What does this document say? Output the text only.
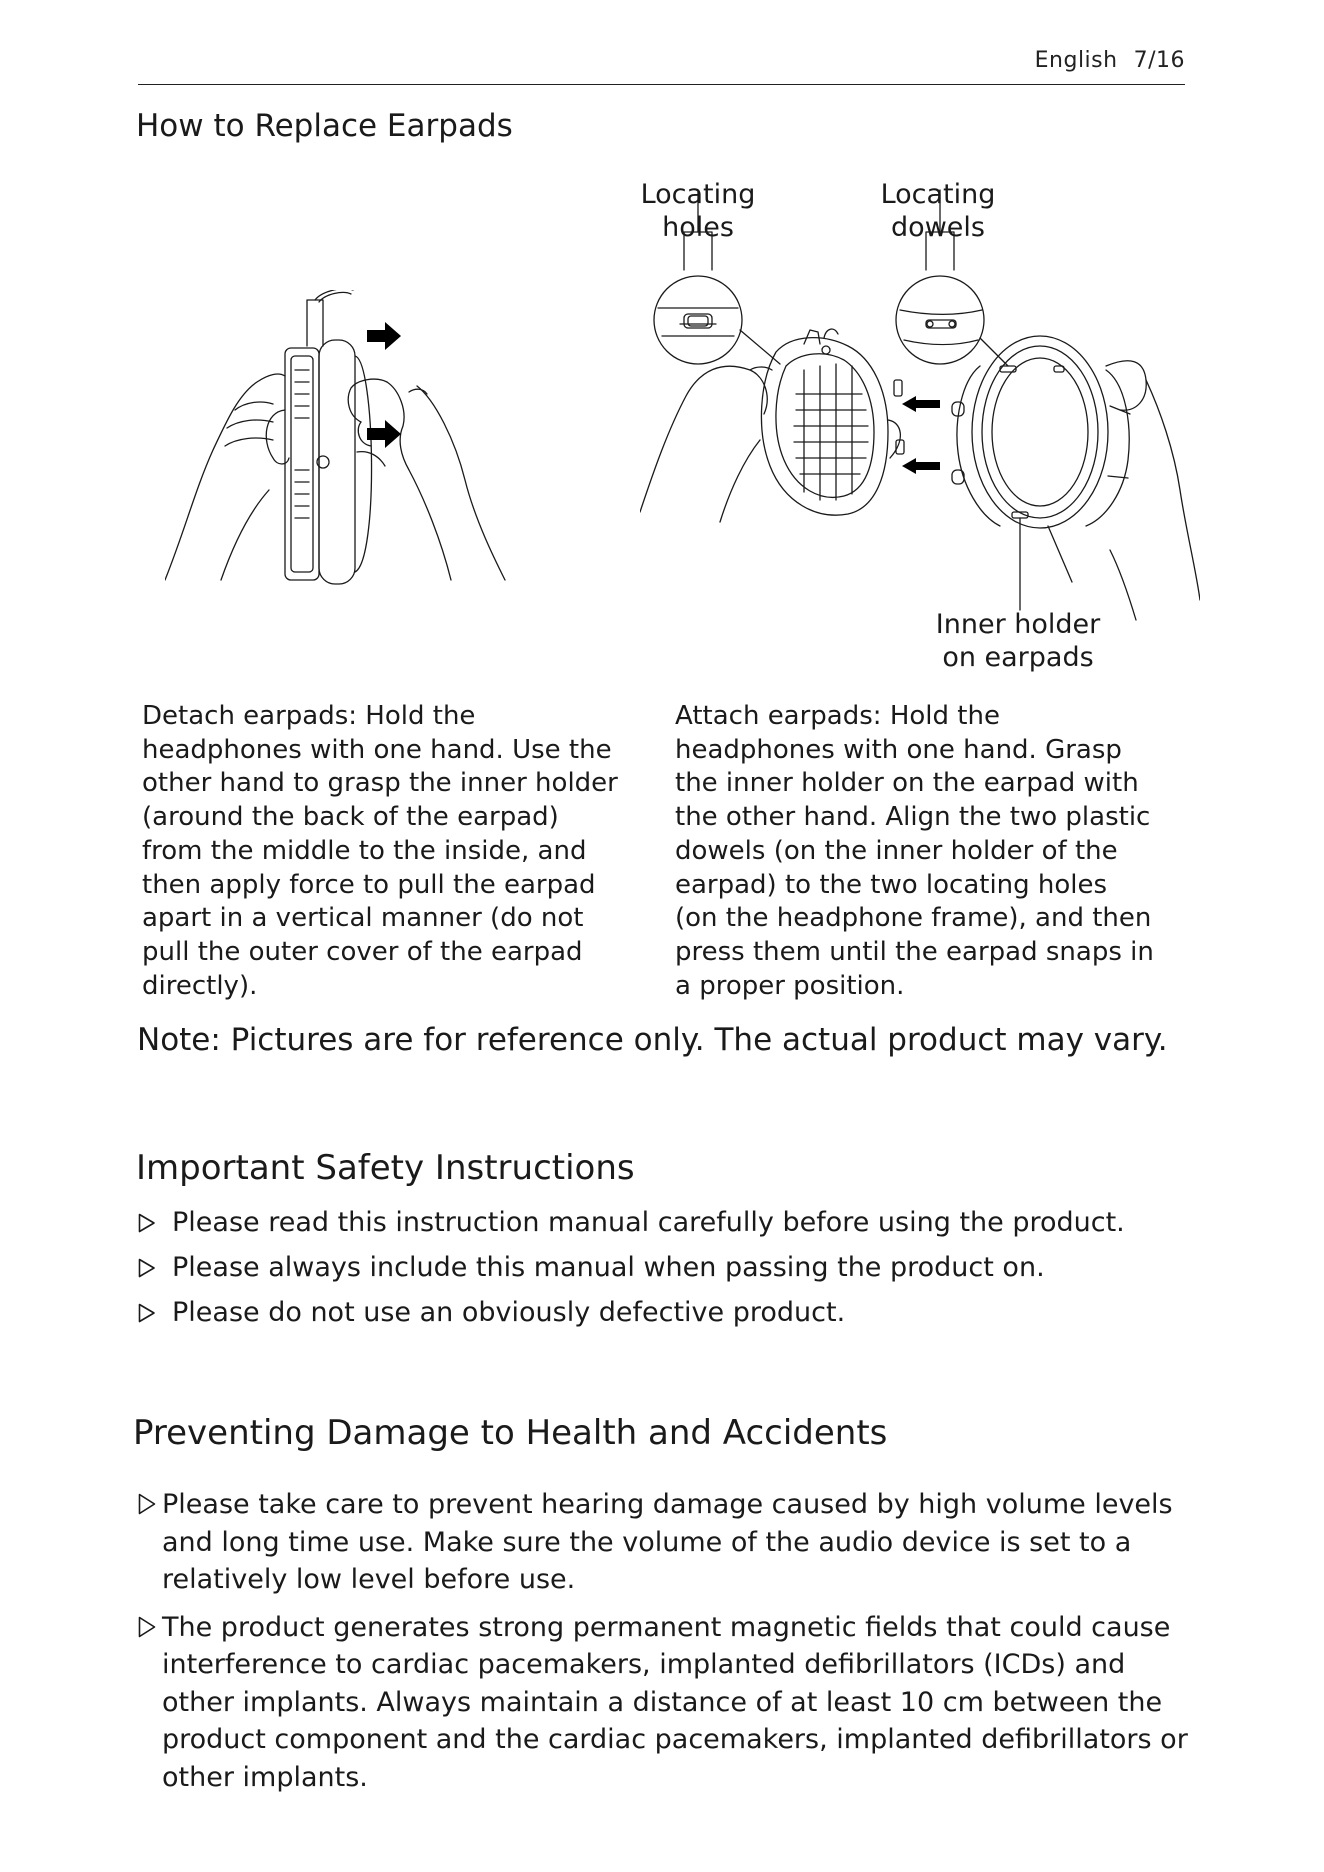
English 7/16
How to Replace Earpads
Locating
holes
Locating
dowels
Inner holder
on earpads

Detach earpads: Hold the headphones with one hand. Use the other hand to grasp the inner holder (around the back of the earpad) from the middle to the inside, and then apply force to pull the earpad apart in a vertical manner (do not pull the outer cover of the earpad directly).

Attach earpads: Hold the headphones with one hand. Grasp the inner holder on the earpad with the other hand. Align the two plastic dowels (on the inner holder of the earpad) to the two locating holes (on the headphone frame), and then press them until the earpad snaps in a proper position.

Note: Pictures are for reference only. The actual product may vary.

Important Safety Instructions
Please read this instruction manual carefully before using the product.
Please always include this manual when passing the product on.
Please do not use an obviously defective product.
Preventing Damage to Health and Accidents
Please take care to prevent hearing damage caused by high volume levels and long time use. Make sure the volume of the audio device is set to a relatively low level before use.
The product generates strong permanent magnetic fields that could cause interference to cardiac pacemakers, implanted defibrillators (ICDs) and other implants. Always maintain a distance of at least 10 cm between the product component and the cardiac pacemakers, implanted defibrillators or other implants.
